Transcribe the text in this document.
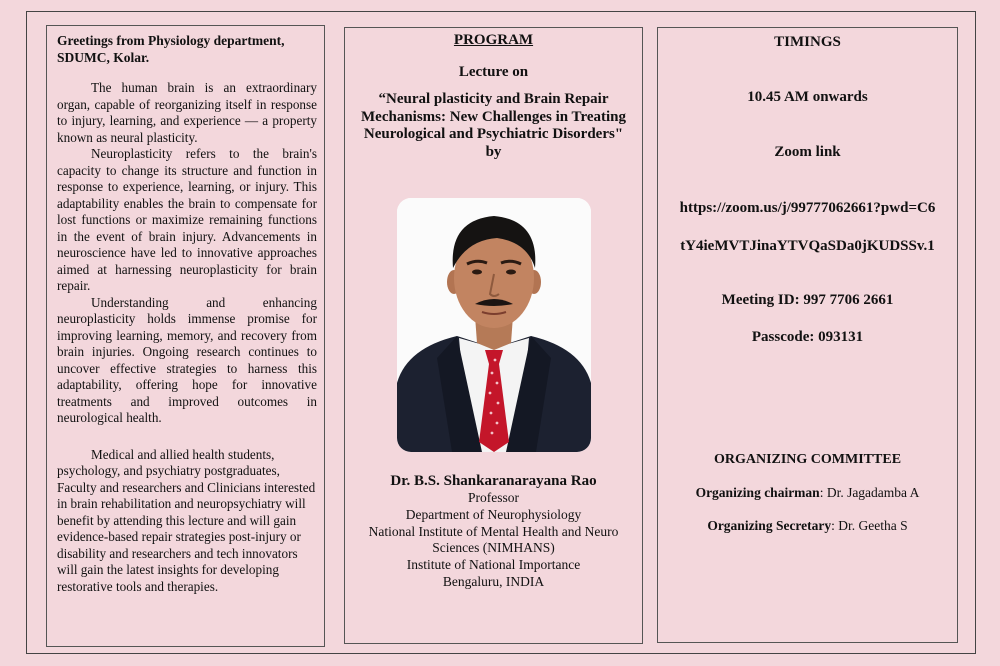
Greetings from Physiology department, SDUMC, Kolar.

The human brain is an extraordinary organ, capable of reorganizing itself in response to injury, learning, and experience — a property known as neural plasticity.

Neuroplasticity refers to the brain's capacity to change its structure and function in response to experience, learning, or injury. This adaptability enables the brain to compensate for lost functions or maximize remaining functions in the event of brain injury. Advancements in neuroscience have led to innovative approaches aimed at harnessing neuroplasticity for brain repair.

Understanding and enhancing neuroplasticity holds immense promise for improving learning, memory, and recovery from brain injuries. Ongoing research continues to uncover effective strategies to harness this adaptability, offering hope for innovative treatments and improved outcomes in neurological health.

Medical and allied health students, psychology, and psychiatry postgraduates, Faculty and researchers and Clinicians interested in brain rehabilitation and neuropsychiatry will benefit by attending this lecture and will gain evidence-based repair strategies post-injury or disability and researchers and tech innovators will gain the latest insights for developing restorative tools and therapies.

PROGRAM
Lecture on
“Neural plasticity and Brain Repair Mechanisms: New Challenges in Treating Neurological and Psychiatric Disorders"
by
Dr. B.S. Shankaranarayana Rao
Professor
Department of Neurophysiology
National Institute of Mental Health and Neuro
Sciences (NIMHANS)
Institute of National Importance
Bengaluru, INDIA
TIMINGS
10.45 AM onwards
Zoom link
https://zoom.us/j/99777062661?pwd=C6
tY4ieMVTJinaYTVQaSDa0jKUDSSv.1
Meeting ID: 997 7706 2661
Passcode: 093131
ORGANIZING COMMITTEE
Organizing chairman: Dr. Jagadamba A
Organizing Secretary: Dr. Geetha S
